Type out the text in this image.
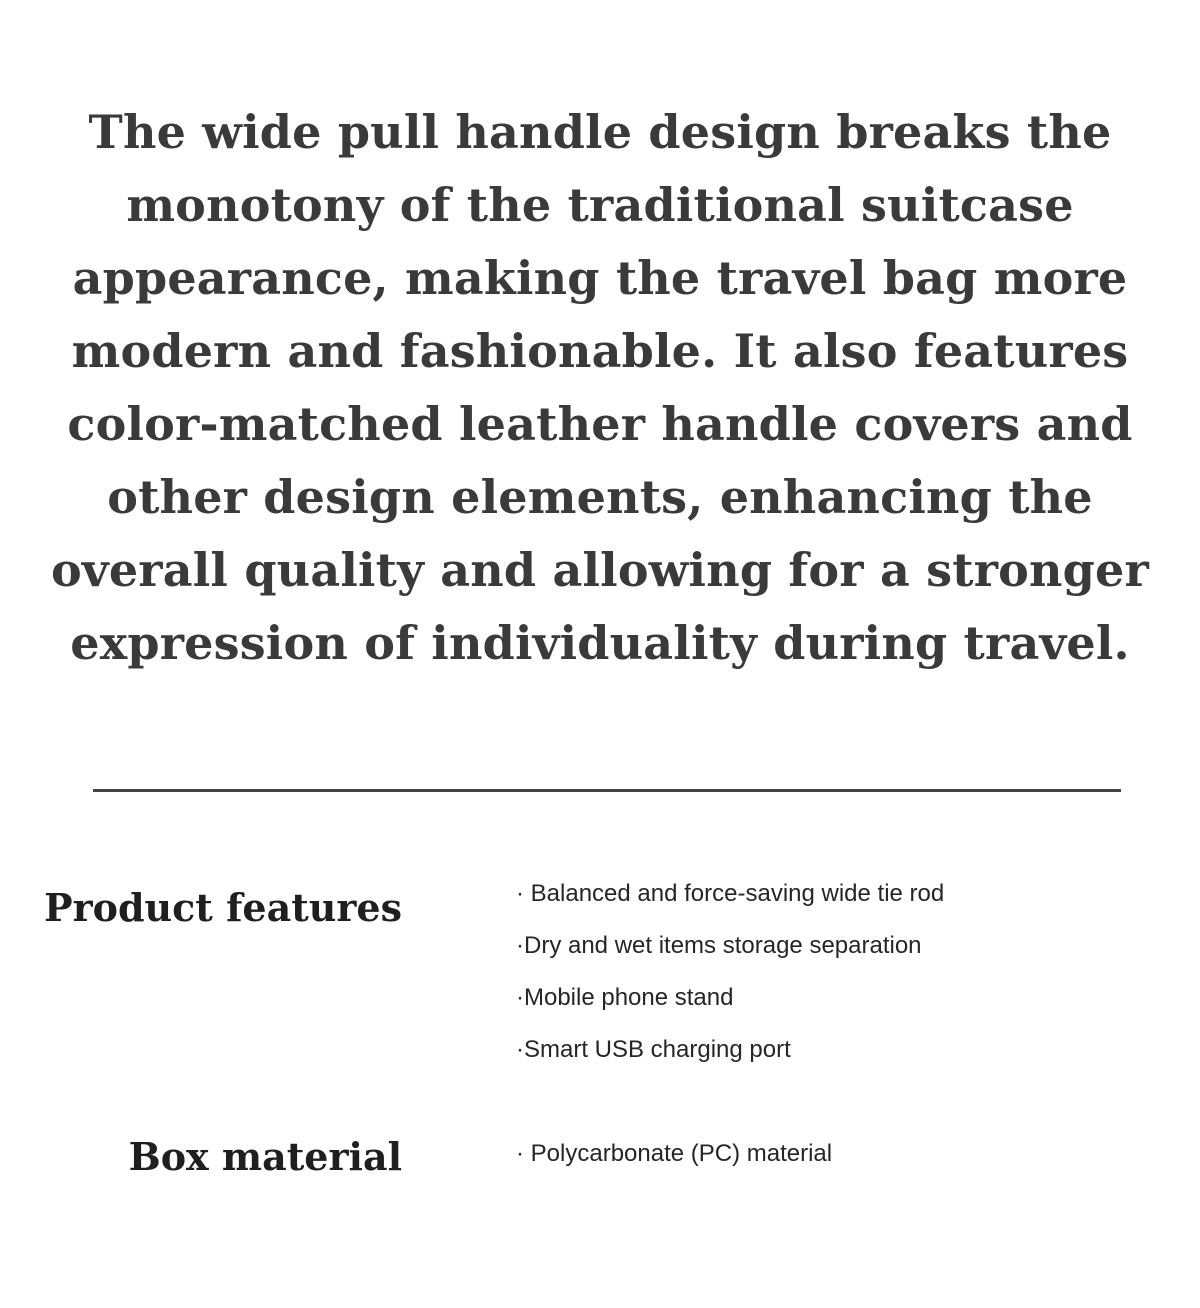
The wide pull handle design breaks the monotony of the traditional suitcase appearance, making the travel bag more modern and fashionable. It also features color-matched leather handle covers and other design elements, enhancing the overall quality and allowing for a stronger expression of individuality during travel.

Product features	· Balanced and force-saving wide tie rod
·Dry and wet items storage separation
·Mobile phone stand
·Smart USB charging port
Box material	· Polycarbonate (PC) material
